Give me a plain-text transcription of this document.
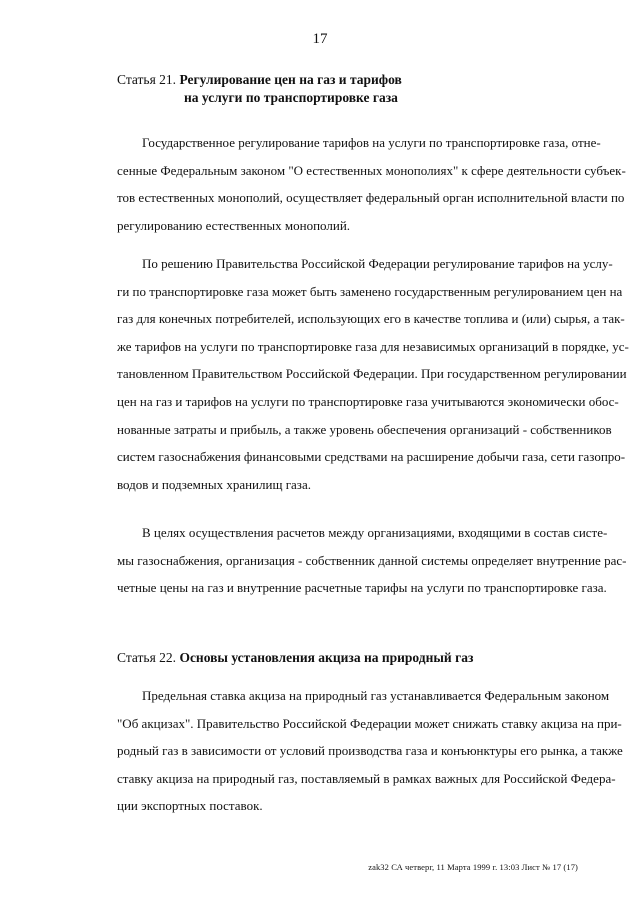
17
Статья 21. Регулирование цен на газ и тарифов
на услуги по транспортировке газа
Государственное регулирование тарифов на услуги по транспортировке газа, отне-
сенные Федеральным законом "О естественных монополиях" к сфере деятельности субъек-
тов естественных монополий, осуществляет федеральный орган исполнительной власти по
регулированию естественных монополий.
По решению Правительства Российской Федерации регулирование тарифов на услу-
ги по транспортировке газа может быть заменено государственным регулированием цен на
газ для конечных потребителей, использующих его в качестве топлива и (или) сырья, а так-
же тарифов на услуги по транспортировке газа для независимых организаций в порядке, ус-
тановленном Правительством Российской Федерации. При государственном регулировании
цен на газ и тарифов на услуги по транспортировке газа учитываются экономически обос-
нованные затраты и прибыль, а также уровень обеспечения организаций - собственников
систем газоснабжения финансовыми средствами на расширение добычи газа, сети газопро-
водов и подземных хранилищ газа.
В целях осуществления расчетов между организациями, входящими в состав систе-
мы газоснабжения, организация - собственник данной системы определяет внутренние рас-
четные цены на газ и внутренние расчетные тарифы на услуги по транспортировке газа.
Статья 22. Основы установления акциза на природный газ
Предельная ставка акциза на природный газ устанавливается Федеральным законом
"Об акцизах". Правительство Российской Федерации может снижать ставку акциза на при-
родный газ в зависимости от условий производства газа и конъюнктуры его рынка, а также
ставку акциза на природный газ, поставляемый в рамках важных для Российской Федера-
ции экспортных поставок.
zak32 СА четверг, 11 Марта 1999 г. 13:03 Лист № 17 (17)
